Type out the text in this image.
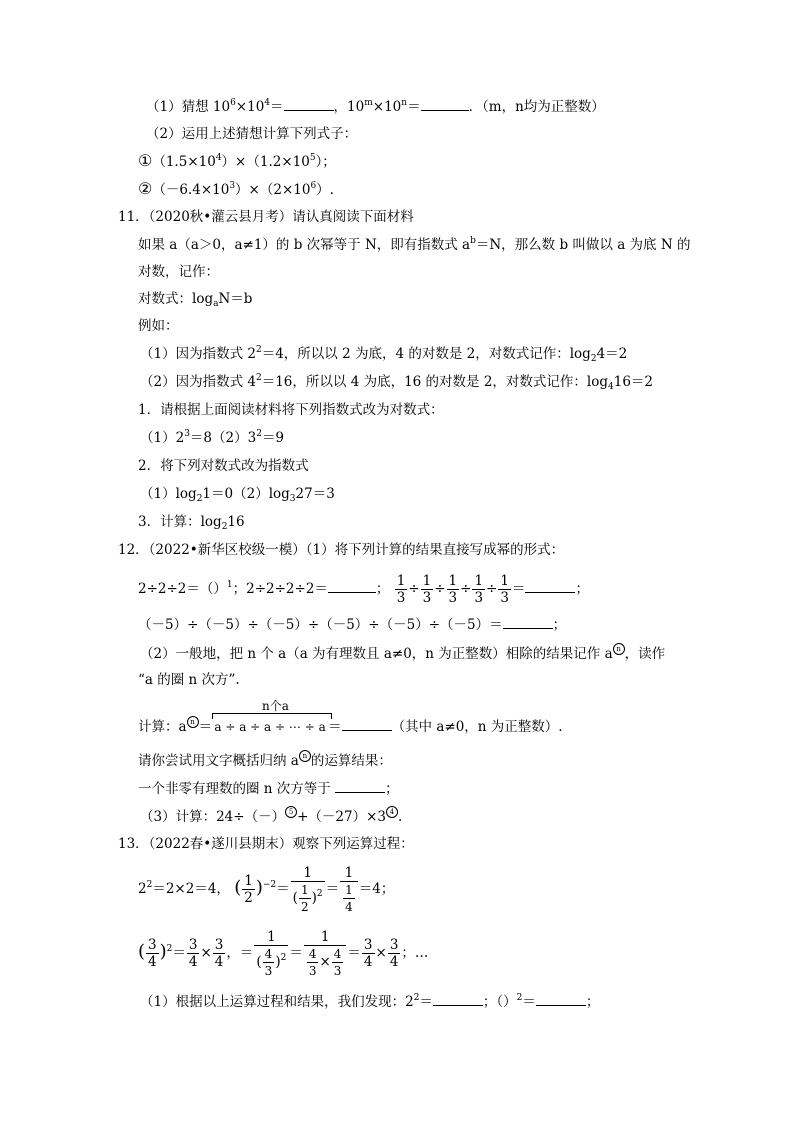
（1）猜想 $10^6\times 10^4=$	，$10^m\times 10^n=$	．（m，n均为正整数）
（2）运用上述猜想计算下列式子：
$①(1.5\times 10^4)\times(1.2\times 10^5)$；
$②(-6.4\times 10^3)\times(2\times 10^6)$.
11．（2020秋•灌云县月考）请认真阅读下面材料
如果 a（a＞0，a≠1）的 b 次幂等于 N，即有指数式 $a^b=N$，那么数 b 叫做以 a 为底 N 的
对数，记作：
对数式：$\log_aN=b$
例如：
（1）因为指数式 $2^2=4$，所以以 2 为底，4 的对数是 2，对数式记作：$\log_24=2$
（2）因为指数式 $4^2=16$，所以以 4 为底，16 的对数是 2，对数式记作：$\log_416=2$
1．请根据上面阅读材料将下列指数式改为对数式：
$(1)2^3=8(2)3^2=9$
2．将下列对数式改为指数式
$(1)\log_21=0(2)\log_327=3$
3．计算：$\log_216$
12．（2022•新华区校级一模）（1）将下列计算的结果直接写成幂的形式：
2÷2÷2＝（）$^1$；2÷2÷2÷2＝	； $\frac{1}{3} \div \frac{1}{3} \div \frac{1}{3} \div \frac{1}{3} \div \frac{1}{3}$ ＝	；
（－5）÷（－5）÷（－5）÷（－5）÷（－5）÷（－5）＝	；
（2）一般地，把 n 个 a（a 为有理数且 a≠0，n 为正整数）相除的结果记作 a n ，读作
“a 的圈 n 次方”.
n个a
计算：a n ＝ a ÷ a ÷ a ÷ ⋯ ÷ a ＝	（其中 a≠0，n 为正整数）.
请你尝试用文字概括归纳 a n 的运算结果：
一个非零有理数的圈 n 次方等于	；
（3）计算：24÷（－） 5 +（－27）×3 4 .
13．（2022春•遂川县期末）观察下列运算过程：
$2^2=2\times 2=4$， ( $\frac{1}{2} )^{-2}= \frac{1}{( \frac{1}{2} )^2} = \frac{1}{\frac{1}{4}} =4$；
( $\frac{3}{4} )^2= \frac{3}{4} \times \frac{3}{4}$ ，＝ $\frac{1}{( \frac{4}{3} )^2} = \frac{1}{\frac{4}{3} \times \frac{4}{3}} = \frac{3}{4} \times \frac{3}{4}$ ；…
（1）根据以上运算过程和结果，我们发现：$2^2=$	；（）$^2$＝	；
